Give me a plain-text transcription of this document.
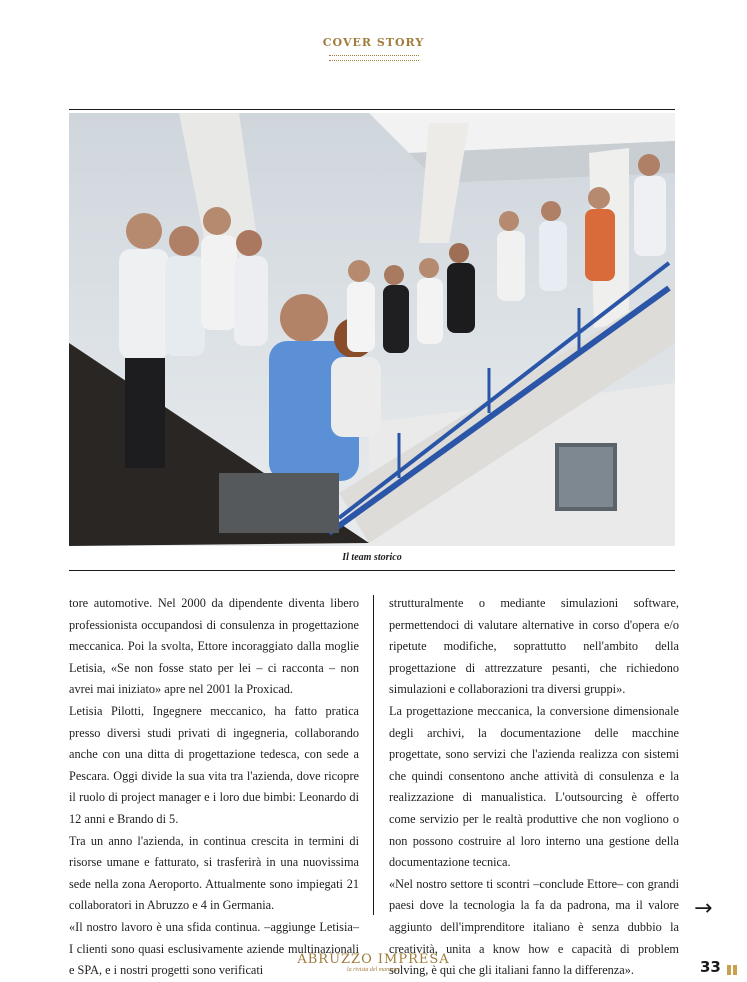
COVER STORY
Il team storico

tore automotive. Nel 2000 da dipendente diventa libero professionista occupandosi di consulenza in progettazione meccanica. Poi la svolta, Ettore incoraggiato dalla moglie Letisia, «Se non fosse stato per lei – ci racconta – non avrei mai iniziato» apre nel 2001 la Proxicad.

Letisia Pilotti, Ingegnere meccanico, ha fatto pratica presso diversi studi privati di ingegneria, collaborando anche con una ditta di progettazione tedesca, con sede a Pescara. Oggi divide la sua vita tra l'azienda, dove ricopre il ruolo di project manager e i loro due bimbi: Leonardo di 12 anni e Brando di 5.

Tra un anno l'azienda, in continua crescita in termini di risorse umane e fatturato, si trasferirà in una nuovissima sede nella zona Aeroporto. Attualmente sono impiegati 21 collaboratori in Abruzzo e 4 in Germania.

«Il nostro lavoro è una sfida continua. –aggiunge Letisia– I clienti sono quasi esclusivamente aziende multinazionali e SPA, e i nostri progetti sono verificati

strutturalmente o mediante simulazioni software, permettendoci di valutare alternative in corso d'opera e/o ripetute modifiche, soprattutto nell'ambito della progettazione di attrezzature pesanti, che richiedono simulazioni e collaborazioni tra diversi gruppi».

La progettazione meccanica, la conversione dimensionale degli archivi, la documentazione delle macchine progettate, sono servizi che l'azienda realizza con sistemi che quindi consentono anche attività di consulenza e la realizzazione di manualistica. L'outsourcing è offerto come servizio per le realtà produttive che non vogliono o non possono costruire al loro interno una gestione della documentazione tecnica.

«Nel nostro settore ti scontri –conclude Ettore– con grandi paesi dove la tecnologia la fa da padrona, ma il valore aggiunto dell'imprenditore italiano è senza dubbio la creatività, unita a know how e capacità di problem solving, è qui che gli italiani fanno la differenza».

→
ABRUZZO IMPRESA
la rivista del manager	33
